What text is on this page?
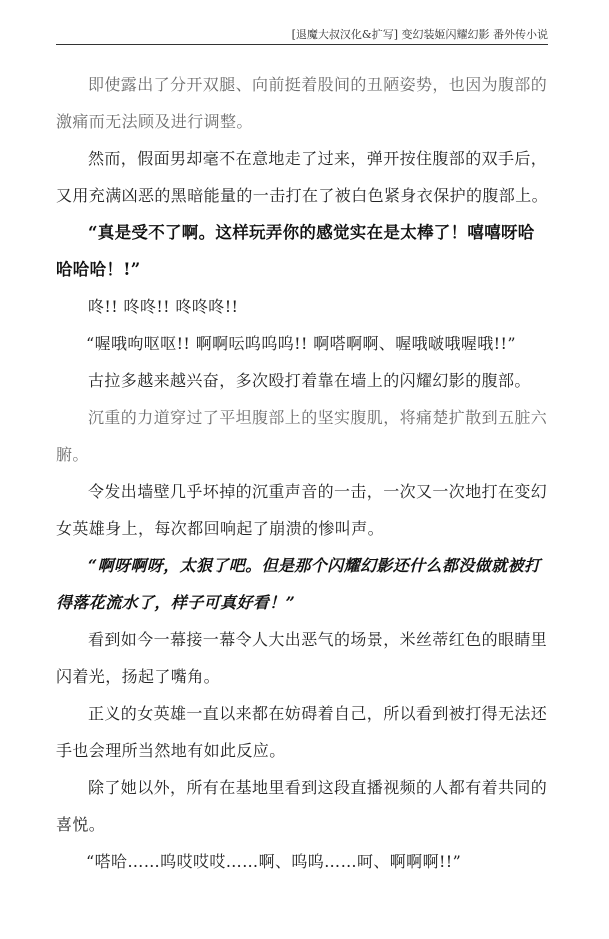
[退魔大叔汉化&扩写] 变幻装姬闪耀幻影 番外传小说

即使露出了分开双腿、向前挺着股间的丑陋姿势，也因为腹部的激痛而无法顾及进行调整。

然而，假面男却毫不在意地走了过来，弹开按住腹部的双手后，又用充满凶恶的黑暗能量的一击打在了被白色紧身衣保护的腹部上。

“真是受不了啊。这样玩弄你的感觉实在是太棒了！嘻嘻呀哈哈哈哈！!”

咚!! 咚咚!! 咚咚咚!!

“喔哦呴呕呕!! 啊啊呍呜呜呜!! 啊嗒啊啊、喔哦啵哦喔哦!!”

古拉多越来越兴奋，多次殴打着靠在墙上的闪耀幻影的腹部。

沉重的力道穿过了平坦腹部上的坚实腹肌，将痛楚扩散到五脏六腑。

令发出墙壁几乎坏掉的沉重声音的一击，一次又一次地打在变幻女英雄身上，每次都回响起了崩溃的惨叫声。

“啊呀啊呀，太狠了吧。但是那个闪耀幻影还什么都没做就被打得落花流水了，样子可真好看！”

看到如今一幕接一幕令人大出恶气的场景，米丝蒂红色的眼睛里闪着光，扬起了嘴角。

正义的女英雄一直以来都在妨碍着自己，所以看到被打得无法还手也会理所当然地有如此反应。

除了她以外，所有在基地里看到这段直播视频的人都有着共同的喜悦。

“嗒哈……呜哎哎哎……啊、呜呜……呵、啊啊啊!!”
